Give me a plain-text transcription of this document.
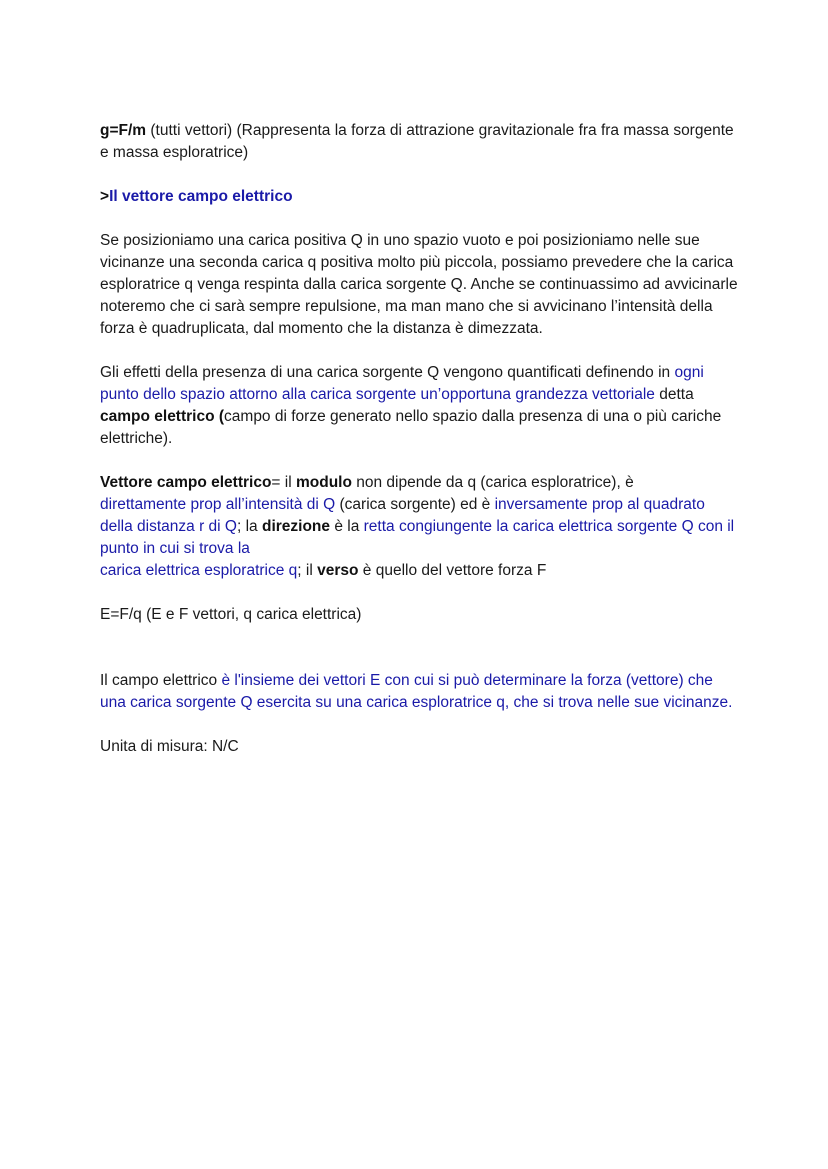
g=F/m (tutti vettori) (Rappresenta la forza di attrazione gravitazionale fra fra massa sorgente e massa esploratrice)

>Il vettore campo elettrico

Se posizioniamo una carica positiva Q in uno spazio vuoto e poi posizioniamo nelle sue vicinanze una seconda carica q positiva molto più piccola, possiamo prevedere che la carica esploratrice q venga respinta dalla carica sorgente Q. Anche se continuassimo ad avvicinarle noteremo che ci sarà sempre repulsione, ma man mano che si avvicinano l’intensità della forza è quadruplicata, dal momento che la distanza è dimezzata.

Gli effetti della presenza di una carica sorgente Q vengono quantificati definendo in ogni punto dello spazio attorno alla carica sorgente un’opportuna grandezza vettoriale detta campo elettrico (campo di forze generato nello spazio dalla presenza di una o più cariche elettriche).

Vettore campo elettrico= il modulo non dipende da q (carica esploratrice), è
direttamente prop all’intensità di Q (carica sorgente) ed è inversamente prop al quadrato della distanza r di Q; la direzione è la retta congiungente la carica elettrica sorgente Q con il punto in cui si trova la
carica elettrica esploratrice q; il verso è quello del vettore forza F

E=F/q (E e F vettori, q carica elettrica)

Il campo elettrico è l'insieme dei vettori E con cui si può determinare la forza (vettore) che una carica sorgente Q esercita su una carica esploratrice q, che si trova nelle sue vicinanze.

Unita di misura: N/C
